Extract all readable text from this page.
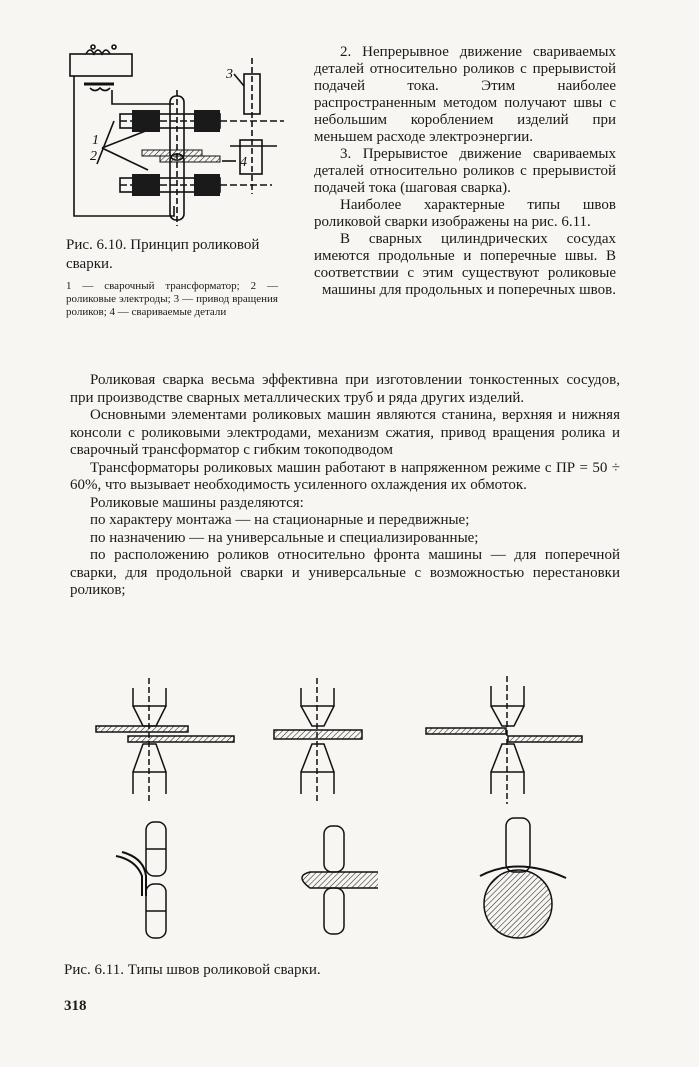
1
2
3
4
Рис. 6.10. Принцип роликовой сварки.
1 — сварочный трансформатор; 2 — роликовые электроды; 3 — привод вращения роликов; 4 — свариваемые детали

2. Непрерывное движение свариваемых деталей относительно роликов с прерывистой подачей тока. Этим наиболее распространенным методом получают швы с небольшим короблением изделий при меньшем расходе электроэнергии.

3. Прерывистое движение свариваемых деталей относительно роликов с прерывистой подачей тока (шаговая сварка).

Наиболее характерные типы швов роликовой сварки изображены на рис. 6.11.

В сварных цилиндрических сосудах имеются продольные и поперечные швы. В соответствии с этим существуют роликовые машины для продольных и поперечных швов.

Роликовая сварка весьма эффективна при изготовлении тонкостенных сосудов, при производстве сварных металлических труб и ряда других изделий.

Основными элементами роликовых машин являются станина, верхняя и нижняя консоли с роликовыми электродами, механизм сжатия, привод вращения ролика и сварочный трансформатор с гибким токоподводом

Трансформаторы роликовых машин работают в напряженном режиме с ПР = 50 ÷ 60%, что вызывает необходимость усиленного охлаждения их обмоток.

Роликовые машины разделяются:

по характеру монтажа — на стационарные и передвижные;

по назначению — на универсальные и специализированные;

по расположению роликов относительно фронта машины — для поперечной сварки, для продольной сварки и универсальные с возможностью перестановки роликов;

Рис. 6.11. Типы швов роликовой сварки.
318
